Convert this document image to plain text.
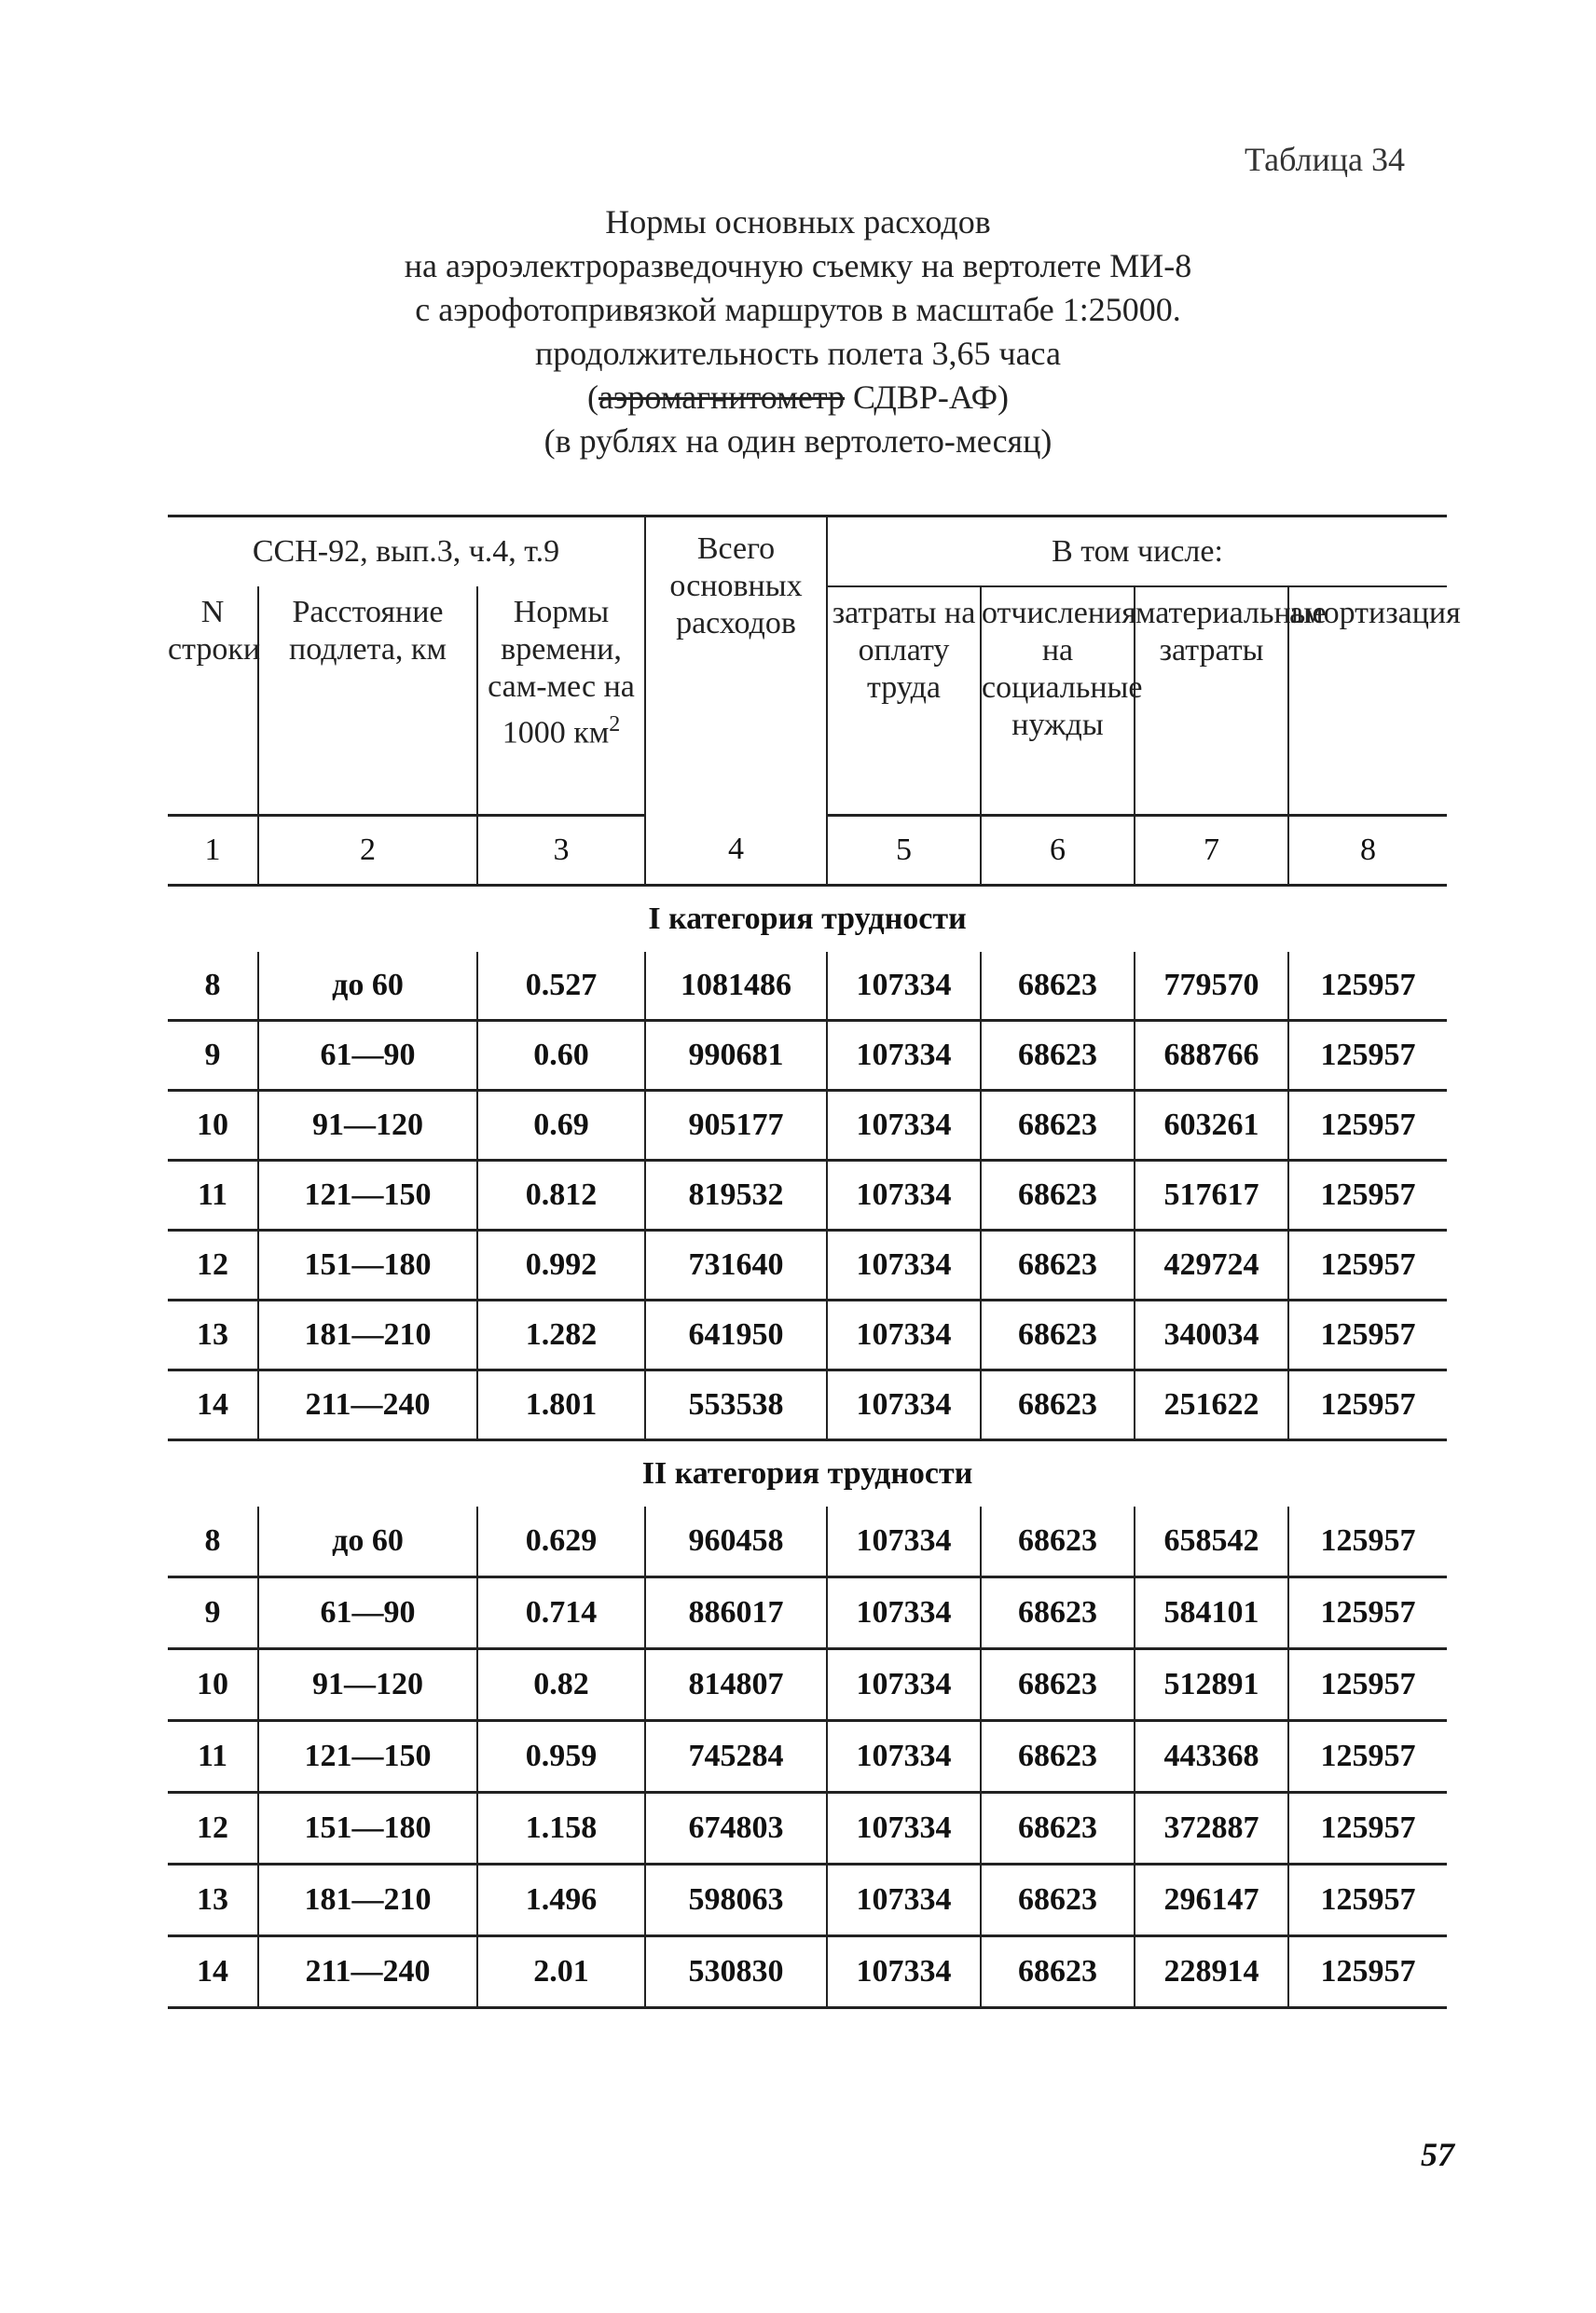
Таблица 34
Нормы основных расходов
на аэроэлектроразведочную съемку на вертолете МИ-8
с аэрофотопривязкой маршрутов в масштабе 1:25000.
продолжительность полета 3,65 часа
(аэромагнитометр СДВР-АФ)
(в рублях на один вертолето-месяц)
ССН-92, вып.3, ч.4, т.9			Всего основных расходов	В том числе:			
N строки	Расстояние подлета, км	Нормы времени, сам-мес на 1000 $км^2$		затраты на оплату труда	отчисления на социальные нужды	материальные затраты	амортизация
1	2	3	4	5	6	7	8
I категория трудности							
8	до 60	0.527	1081486	107334	68623	779570	125957
9	61—90	0.60	990681	107334	68623	688766	125957
10	91—120	0.69	905177	107334	68623	603261	125957
11	121—150	0.812	819532	107334	68623	517617	125957
12	151—180	0.992	731640	107334	68623	429724	125957
13	181—210	1.282	641950	107334	68623	340034	125957
14	211—240	1.801	553538	107334	68623	251622	125957
II категория трудности							
8	до 60	0.629	960458	107334	68623	658542	125957
9	61—90	0.714	886017	107334	68623	584101	125957
10	91—120	0.82	814807	107334	68623	512891	125957
11	121—150	0.959	745284	107334	68623	443368	125957
12	151—180	1.158	674803	107334	68623	372887	125957
13	181—210	1.496	598063	107334	68623	296147	125957
14	211—240	2.01	530830	107334	68623	228914	125957
57
